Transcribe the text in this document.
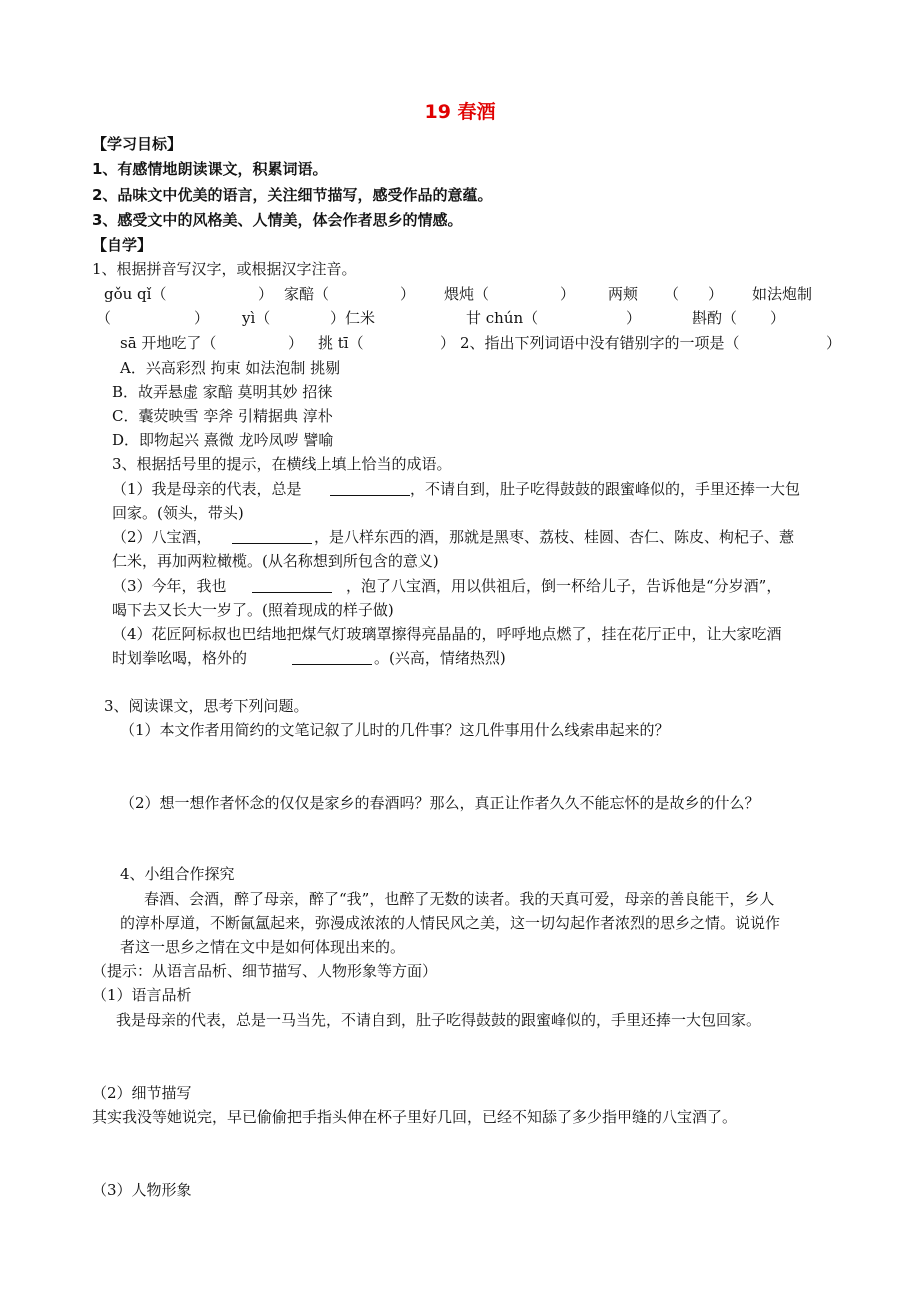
19 春酒
【学习目标】
1、有感情地朗读课文，积累词语。
2、品味文中优美的语言，关注细节描写，感受作品的意蕴。
3、感受文中的风格美、人情美，体会作者思乡的情感。
【自学】
1、根据拼音写汉字，或根据汉字注音。
gǒu qǐ（	） 家醅（	） 煨炖（	） 两颊 （ ） 如法炮制
（	） yì（	）仁米	甘 chún（	）	斟酌（ ）
sā 开地吃了（	） 挑 tī（	） 2、指出下列词语中没有错别字的一项是（	）
A．兴高彩烈 拘束 如法泡制 挑剔
B．故弄悬虚 家醅 莫明其妙 招徕
C．囊荧映雪 孪斧 引精据典 淳朴
D．即物起兴 熹微 龙吟凤哕 譬喻
3、根据括号里的提示，在横线上填上恰当的成语。
（1）我是母亲的代表，总是	，不请自到，肚子吃得鼓鼓的跟蜜峰似的，手里还捧一大包
回家。(领头，带头)
（2）八宝酒，	，是八样东西的酒，那就是黑枣、荔枝、桂圆、杏仁、陈皮、枸杞子、薏
仁米，再加两粒橄榄。(从名称想到所包含的意义)
（3）今年，我也	，泡了八宝酒，用以供祖后，倒一杯给儿子，告诉他是“分岁酒”，
喝下去又长大一岁了。(照着现成的样子做)
（4）花匠阿标叔也巴结地把煤气灯玻璃罩擦得亮晶晶的，呼呼地点燃了，挂在花厅正中，让大家吃酒
时划拳吆喝，格外的	。(兴高，情绪热烈)
3、阅读课文，思考下列问题。
（1）本文作者用简约的文笔记叙了儿时的几件事？这几件事用什么线索串起来的？
（2）想一想作者怀念的仅仅是家乡的春酒吗？那么，真正让作者久久不能忘怀的是故乡的什么？
4、小组合作探究
春酒、会酒，醉了母亲，醉了“我”，也醉了无数的读者。我的天真可爱，母亲的善良能干，乡人
的淳朴厚道，不断氤氲起来，弥漫成浓浓的人情民风之美，这一切勾起作者浓烈的思乡之情。说说作
者这一思乡之情在文中是如何体现出来的。
（提示：从语言品析、细节描写、人物形象等方面）
（1）语言品析
我是母亲的代表，总是一马当先，不请自到，肚子吃得鼓鼓的跟蜜峰似的，手里还捧一大包回家。
（2）细节描写
其实我没等她说完，早已偷偷把手指头伸在杯子里好几回，已经不知舔了多少指甲缝的八宝酒了。
（3）人物形象
